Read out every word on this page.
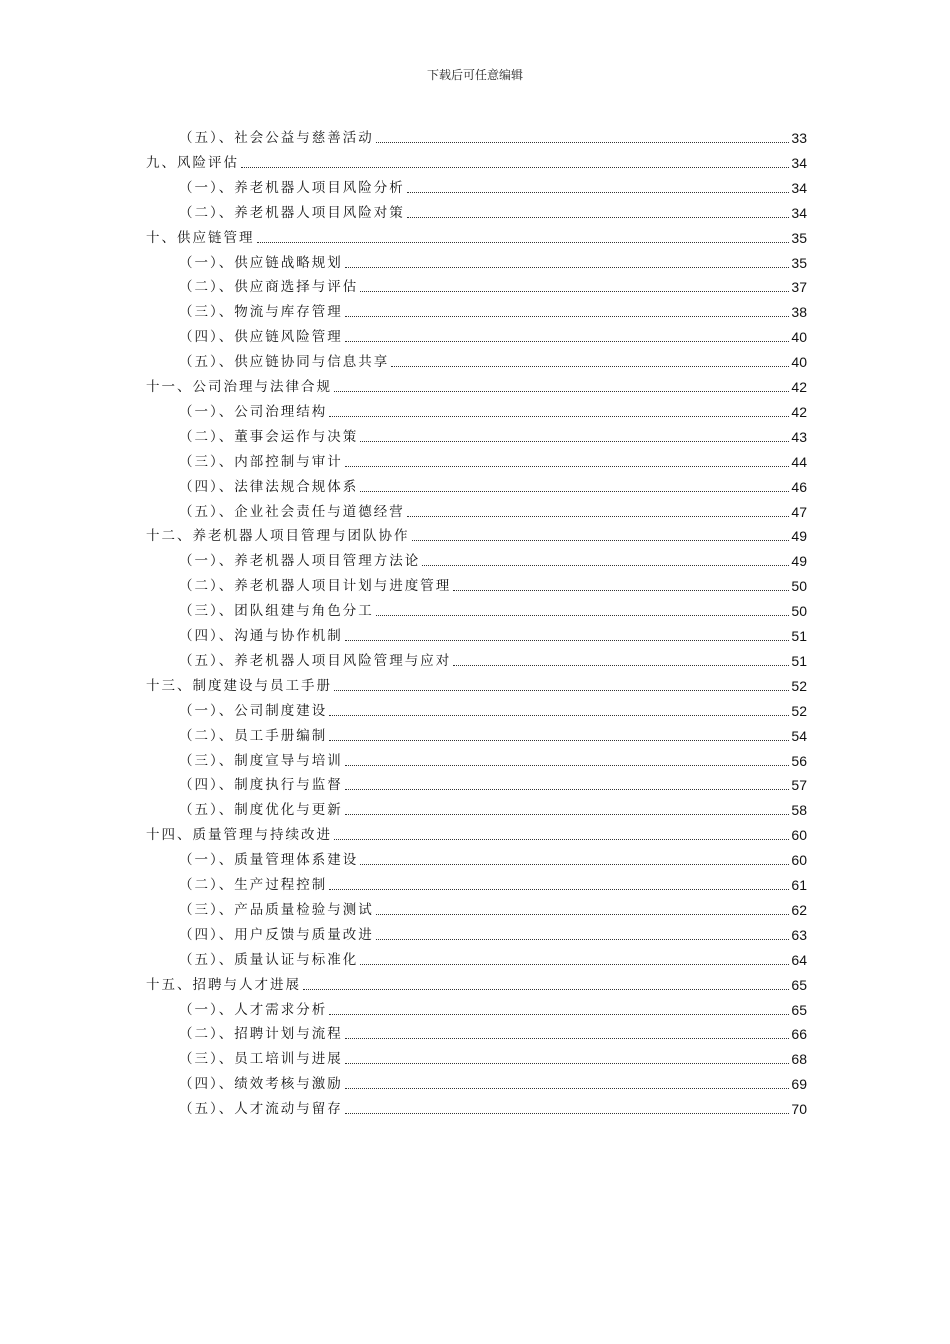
下载后可任意编辑
（五）、社会公益与慈善活动	33
九、风险评估	34
（一）、养老机器人项目风险分析	34
（二）、养老机器人项目风险对策	34
十、供应链管理	35
（一）、供应链战略规划	35
（二）、供应商选择与评估	37
（三）、物流与库存管理	38
（四）、供应链风险管理	40
（五）、供应链协同与信息共享	40
十一、公司治理与法律合规	42
（一）、公司治理结构	42
（二）、董事会运作与决策	43
（三）、内部控制与审计	44
（四）、法律法规合规体系	46
（五）、企业社会责任与道德经营	47
十二、养老机器人项目管理与团队协作	49
（一）、养老机器人项目管理方法论	49
（二）、养老机器人项目计划与进度管理	50
（三）、团队组建与角色分工	50
（四）、沟通与协作机制	51
（五）、养老机器人项目风险管理与应对	51
十三、制度建设与员工手册	52
（一）、公司制度建设	52
（二）、员工手册编制	54
（三）、制度宣导与培训	56
（四）、制度执行与监督	57
（五）、制度优化与更新	58
十四、质量管理与持续改进	60
（一）、质量管理体系建设	60
（二）、生产过程控制	61
（三）、产品质量检验与测试	62
（四）、用户反馈与质量改进	63
（五）、质量认证与标准化	64
十五、招聘与人才进展	65
（一）、人才需求分析	65
（二）、招聘计划与流程	66
（三）、员工培训与进展	68
（四）、绩效考核与激励	69
（五）、人才流动与留存	70
